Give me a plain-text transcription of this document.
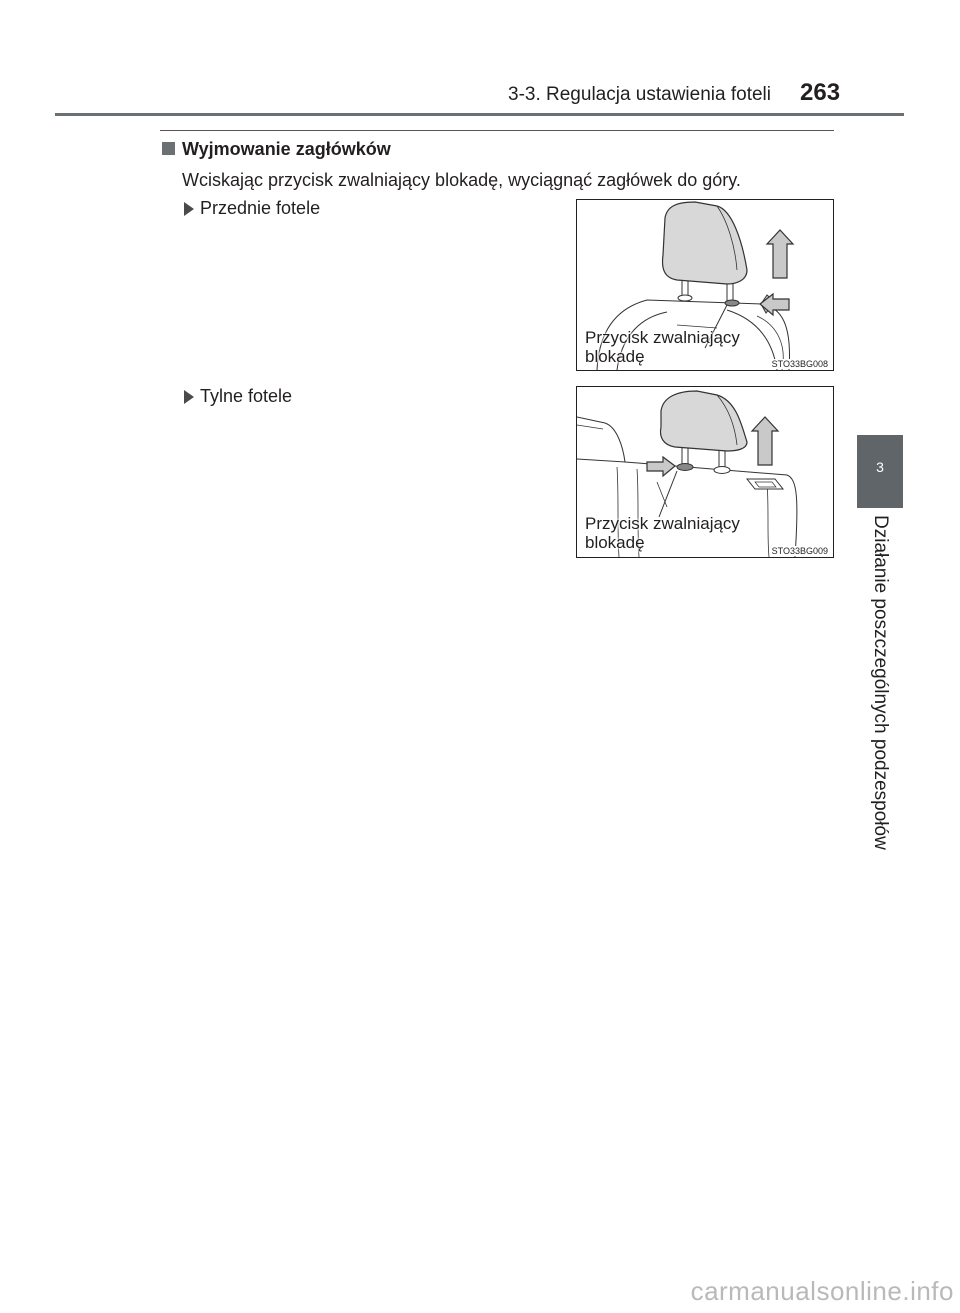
3-3. Regulacja ustawienia foteli 263
Wyjmowanie zagłówków
Wciskając przycisk zwalniający blokadę, wyciągnąć zagłówek do góry.
Przednie fotele
Przycisk zwalniający
blokadę	STO33BG008
Tylne fotele
Przycisk zwalniający
blokadę	STO33BG009
3
Działanie poszczególnych podzespołów
carmanualsonline.info
